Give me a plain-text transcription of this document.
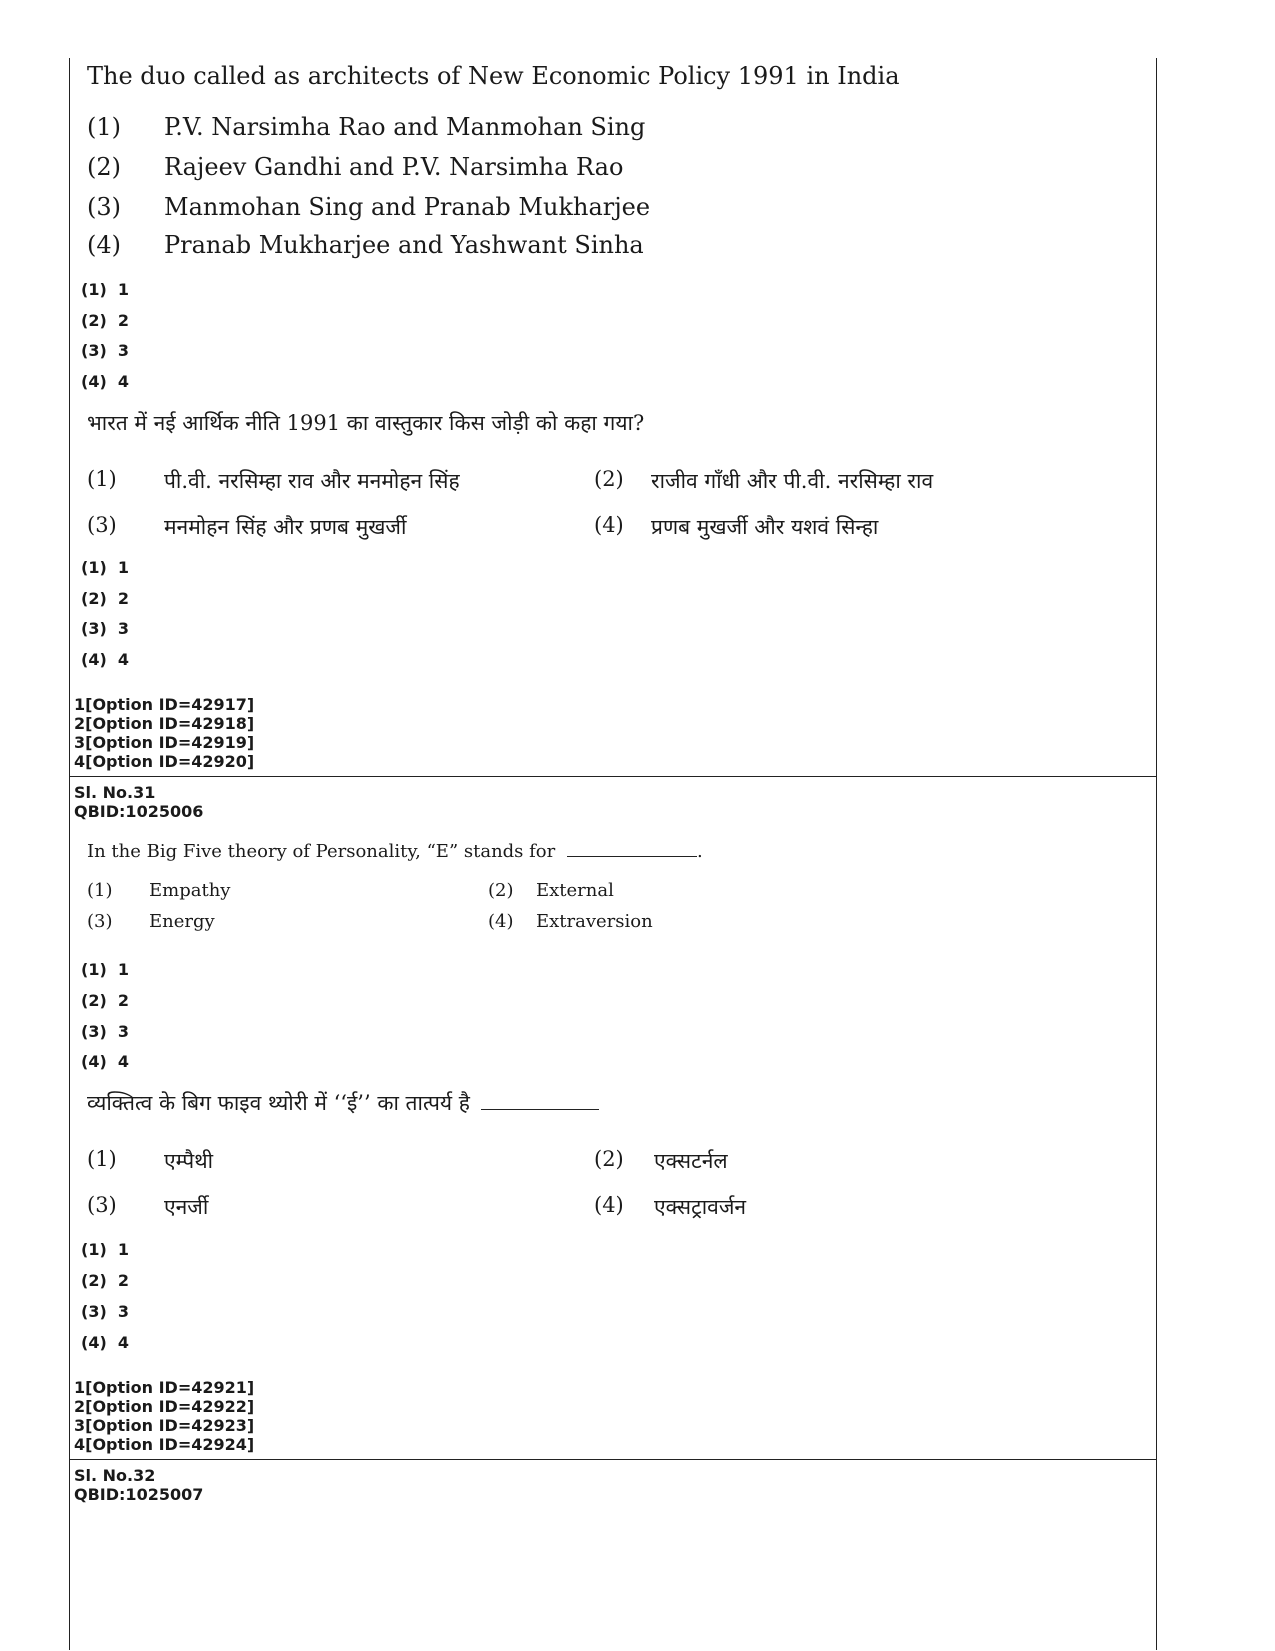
The duo called as architects of New Economic Policy 1991 in India
(1) P.V. Narsimha Rao and Manmohan Sing
(2) Rajeev Gandhi and P.V. Narsimha Rao
(3) Manmohan Sing and Pranab Mukharjee
(4) Pranab Mukharjee and Yashwant Sinha
(1)  1
(2)  2
(3)  3
(4)  4
भारत में नई आर्थिक नीति 1991 का वास्तुकार किस जोड़ी को कहा गया?
(1) पी.वी. नरसिम्हा राव और मनमोहन सिंह	(2) राजीव गाँधी और पी.वी. नरसिम्हा राव
(3) मनमोहन सिंह और प्रणब मुखर्जी	(4) प्रणब मुखर्जी और यशवं सिन्हा
(1)  1
(2)  2
(3)  3
(4)  4
1[Option ID=42917]
2[Option ID=42918]
3[Option ID=42919]
4[Option ID=42920]
Sl. No.31
QBID:1025006
In the Big Five theory of Personality, “E” stands for	.
(1) Empathy	(2) External
(3) Energy	(4) Extraversion
(1)  1
(2)  2
(3)  3
(4)  4
व्यक्तित्व के बिग फाइव थ्योरी में ‘‘ई’’ का तात्पर्य है
(1) एम्पैथी	(2) एक्सटर्नल
(3) एनर्जी	(4) एक्सट्रावर्जन
(1)  1
(2)  2
(3)  3
(4)  4
1[Option ID=42921]
2[Option ID=42922]
3[Option ID=42923]
4[Option ID=42924]
Sl. No.32
QBID:1025007
